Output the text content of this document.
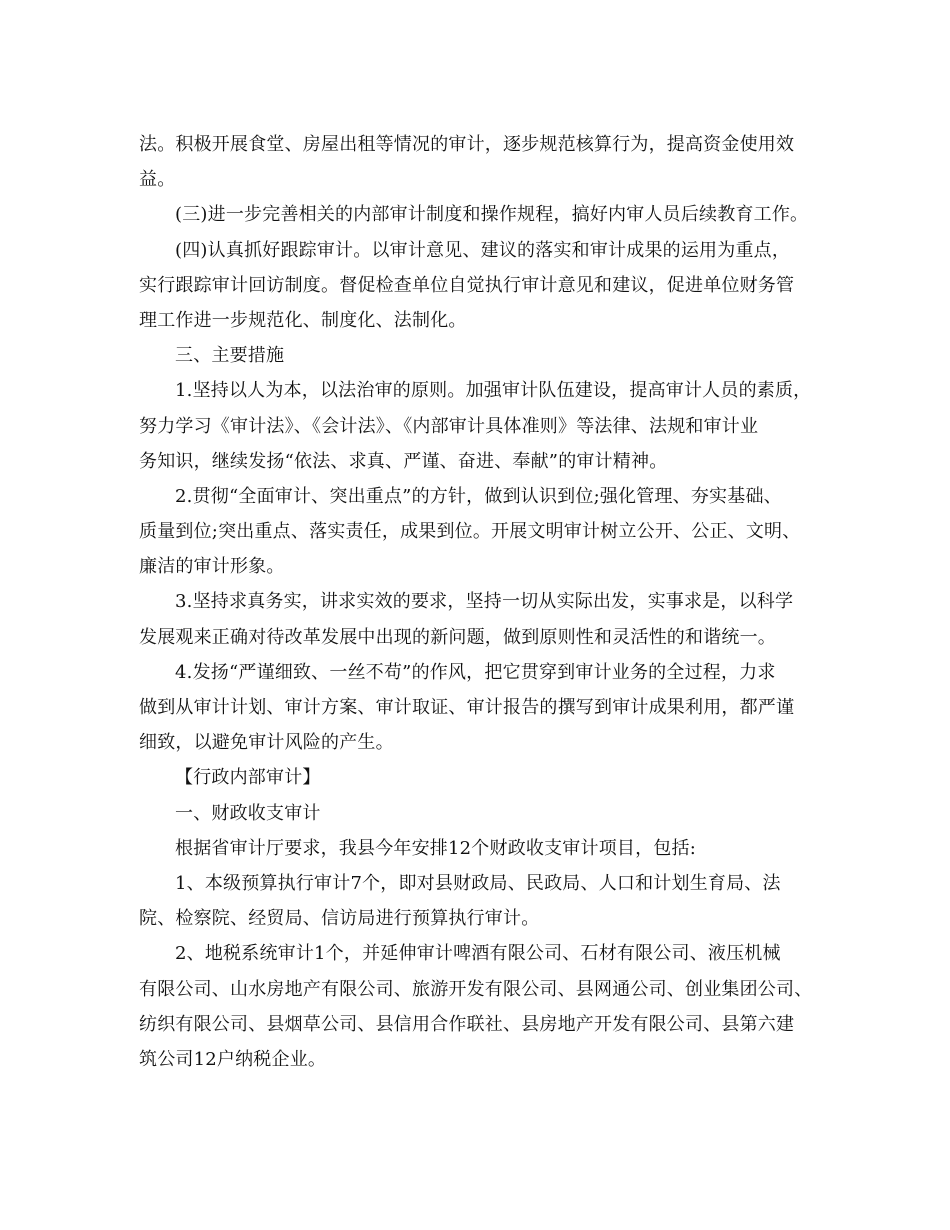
法。积极开展食堂、房屋出租等情况的审计，逐步规范核算行为，提高资金使用效
益。
(三)进一步完善相关的内部审计制度和操作规程，搞好内审人员后续教育工作。
(四)认真抓好跟踪审计。以审计意见、建议的落实和审计成果的运用为重点，
实行跟踪审计回访制度。督促检查单位自觉执行审计意见和建议，促进单位财务管
理工作进一步规范化、制度化、法制化。
三、主要措施
1.坚持以人为本，以法治审的原则。加强审计队伍建设，提高审计人员的素质，
努力学习《审计法》、《会计法》、《内部审计具体准则》等法律、法规和审计业
务知识，继续发扬“依法、求真、严谨、奋进、奉献”的审计精神。
2.贯彻“全面审计、突出重点”的方针，做到认识到位;强化管理、夯实基础、
质量到位;突出重点、落实责任，成果到位。开展文明审计树立公开、公正、文明、
廉洁的审计形象。
3.坚持求真务实，讲求实效的要求，坚持一切从实际出发，实事求是，以科学
发展观来正确对待改革发展中出现的新问题，做到原则性和灵活性的和谐统一。
4.发扬“严谨细致、一丝不苟”的作风，把它贯穿到审计业务的全过程，力求
做到从审计计划、审计方案、审计取证、审计报告的撰写到审计成果利用，都严谨
细致，以避免审计风险的产生。
【行政内部审计】
一、财政收支审计
根据省审计厅要求，我县今年安排12个财政收支审计项目，包括:
1、本级预算执行审计7个，即对县财政局、民政局、人口和计划生育局、法
院、检察院、经贸局、信访局进行预算执行审计。
2、地税系统审计1个，并延伸审计啤酒有限公司、石材有限公司、液压机械
有限公司、山水房地产有限公司、旅游开发有限公司、县网通公司、创业集团公司、
纺织有限公司、县烟草公司、县信用合作联社、县房地产开发有限公司、县第六建
筑公司12户纳税企业。
